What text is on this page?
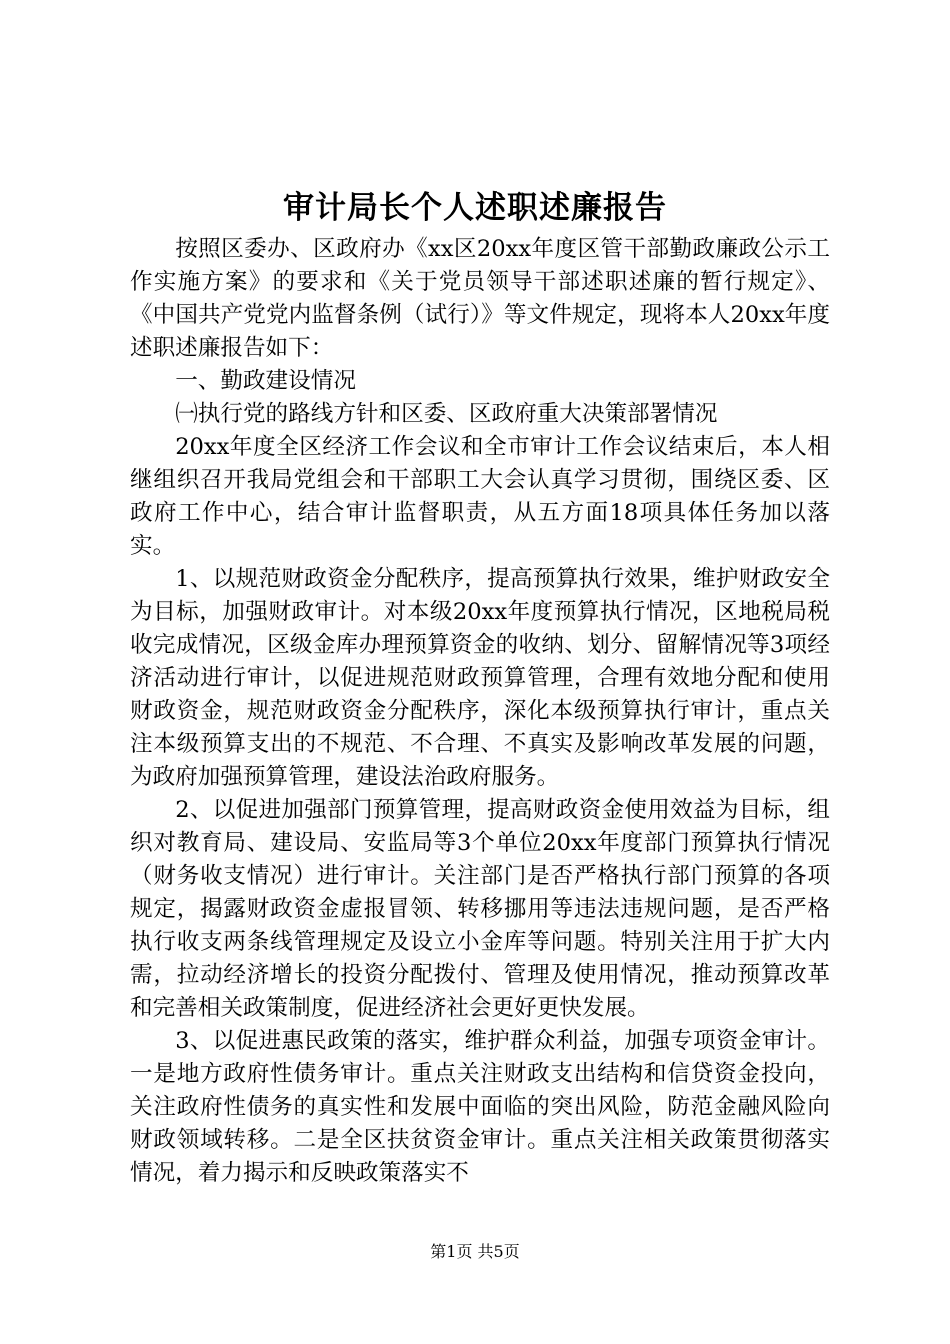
审计局长个人述职述廉报告

按照区委办、区政府办《xx区20xx年度区管干部勤政廉政公示工作实施方案》的要求和《关于党员领导干部述职述廉的暂行规定》、《中国共产党党内监督条例（试行）》等文件规定，现将本人20xx年度述职述廉报告如下：

一、勤政建设情况

㈠执行党的路线方针和区委、区政府重大决策部署情况

20xx年度全区经济工作会议和全市审计工作会议结束后，本人相继组织召开我局党组会和干部职工大会认真学习贯彻，围绕区委、区政府工作中心，结合审计监督职责，从五方面18项具体任务加以落实。

1、以规范财政资金分配秩序，提高预算执行效果，维护财政安全为目标，加强财政审计。对本级20xx年度预算执行情况，区地税局税收完成情况，区级金库办理预算资金的收纳、划分、留解情况等3项经济活动进行审计，以促进规范财政预算管理，合理有效地分配和使用财政资金，规范财政资金分配秩序，深化本级预算执行审计，重点关注本级预算支出的不规范、不合理、不真实及影响改革发展的问题，为政府加强预算管理，建设法治政府服务。

2、以促进加强部门预算管理，提高财政资金使用效益为目标，组织对教育局、建设局、安监局等3个单位20xx年度部门预算执行情况（财务收支情况）进行审计。关注部门是否严格执行部门预算的各项规定，揭露财政资金虚报冒领、转移挪用等违法违规问题，是否严格执行收支两条线管理规定及设立小金库等问题。特别关注用于扩大内需，拉动经济增长的投资分配拨付、管理及使用情况，推动预算改革和完善相关政策制度，促进经济社会更好更快发展。

3、以促进惠民政策的落实，维护群众利益，加强专项资金审计。一是地方政府性债务审计。重点关注财政支出结构和信贷资金投向，关注政府性债务的真实性和发展中面临的突出风险，防范金融风险向财政领域转移。二是全区扶贫资金审计。重点关注相关政策贯彻落实情况，着力揭示和反映政策落实不

第1页 共5页
